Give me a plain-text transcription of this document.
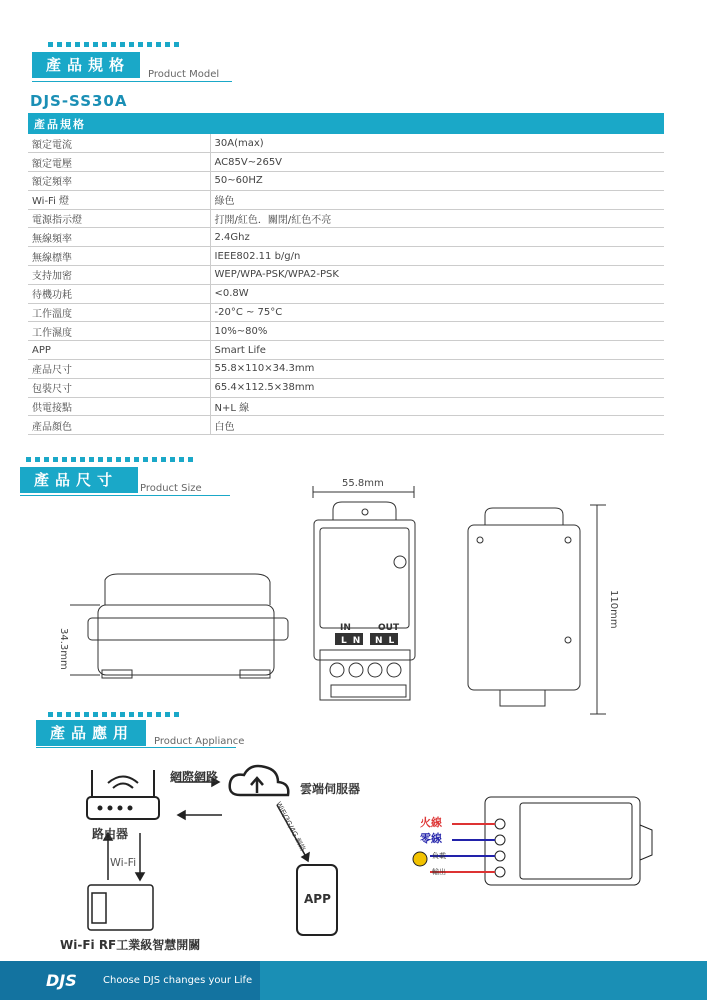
產品規格
Product Model
DJS-SS30A
產品規格	
額定電流	30A(max)
額定電壓	AC85V~265V
額定頻率	50~60HZ
Wi-Fi 燈	綠色
電源指示燈	打開/紅色．關閉/紅色不亮
無線頻率	2.4Ghz
無線標準	IEEE802.11 b/g/n
支持加密	WEP/WPA-PSK/WPA2-PSK
待機功耗	<0.8W
工作溫度	-20°C ~ 75°C
工作濕度	10%~80%
APP	Smart Life
產品尺寸	55.8×110×34.3mm
包裝尺寸	65.4×112.5×38mm
供電接點	N+L 線
產品顏色	白色
產品尺寸	Product Size	55.8mm
110mm
34.3mm	LN NL
IN	OUT
產品應用	Product Appliance
網際網路
雲端伺服器
路由器
Wi-Fi
WiFi/3G/4G 網絡
APP
Wi-Fi RF工業級智慧開關
火線
零線
負載
輸出
DJS	Choose DJS changes your Life
